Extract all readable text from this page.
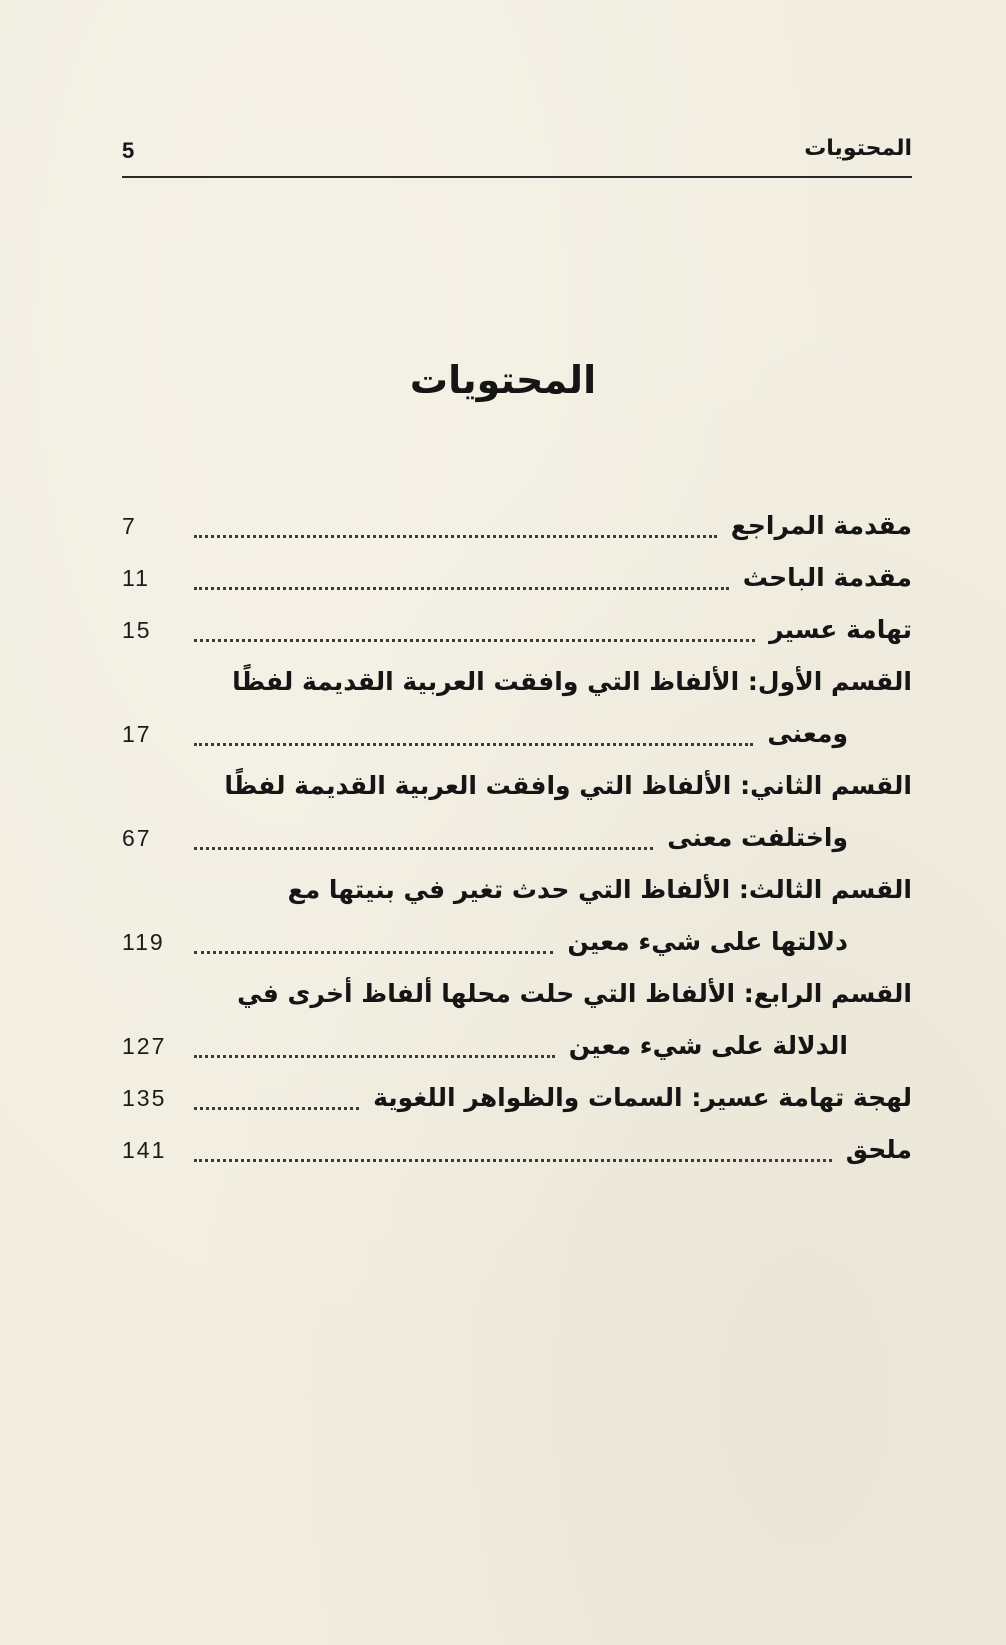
المحتويات
5
المحتويات
مقدمة المراجع
7
مقدمة الباحث
11
تهامة عسير
15
القسم الأول: الألفاظ التي وافقت العربية القديمة لفظًا
ومعنى
17
القسم الثاني: الألفاظ التي وافقت العربية القديمة لفظًا
واختلفت معنى
67
القسم الثالث: الألفاظ التي حدث تغير في بنيتها مع
دلالتها على شيء معين
119
القسم الرابع: الألفاظ التي حلت محلها ألفاظ أخرى في
الدلالة على شيء معين
127
لهجة تهامة عسير: السمات والظواهر اللغوية
135
ملحق
141
